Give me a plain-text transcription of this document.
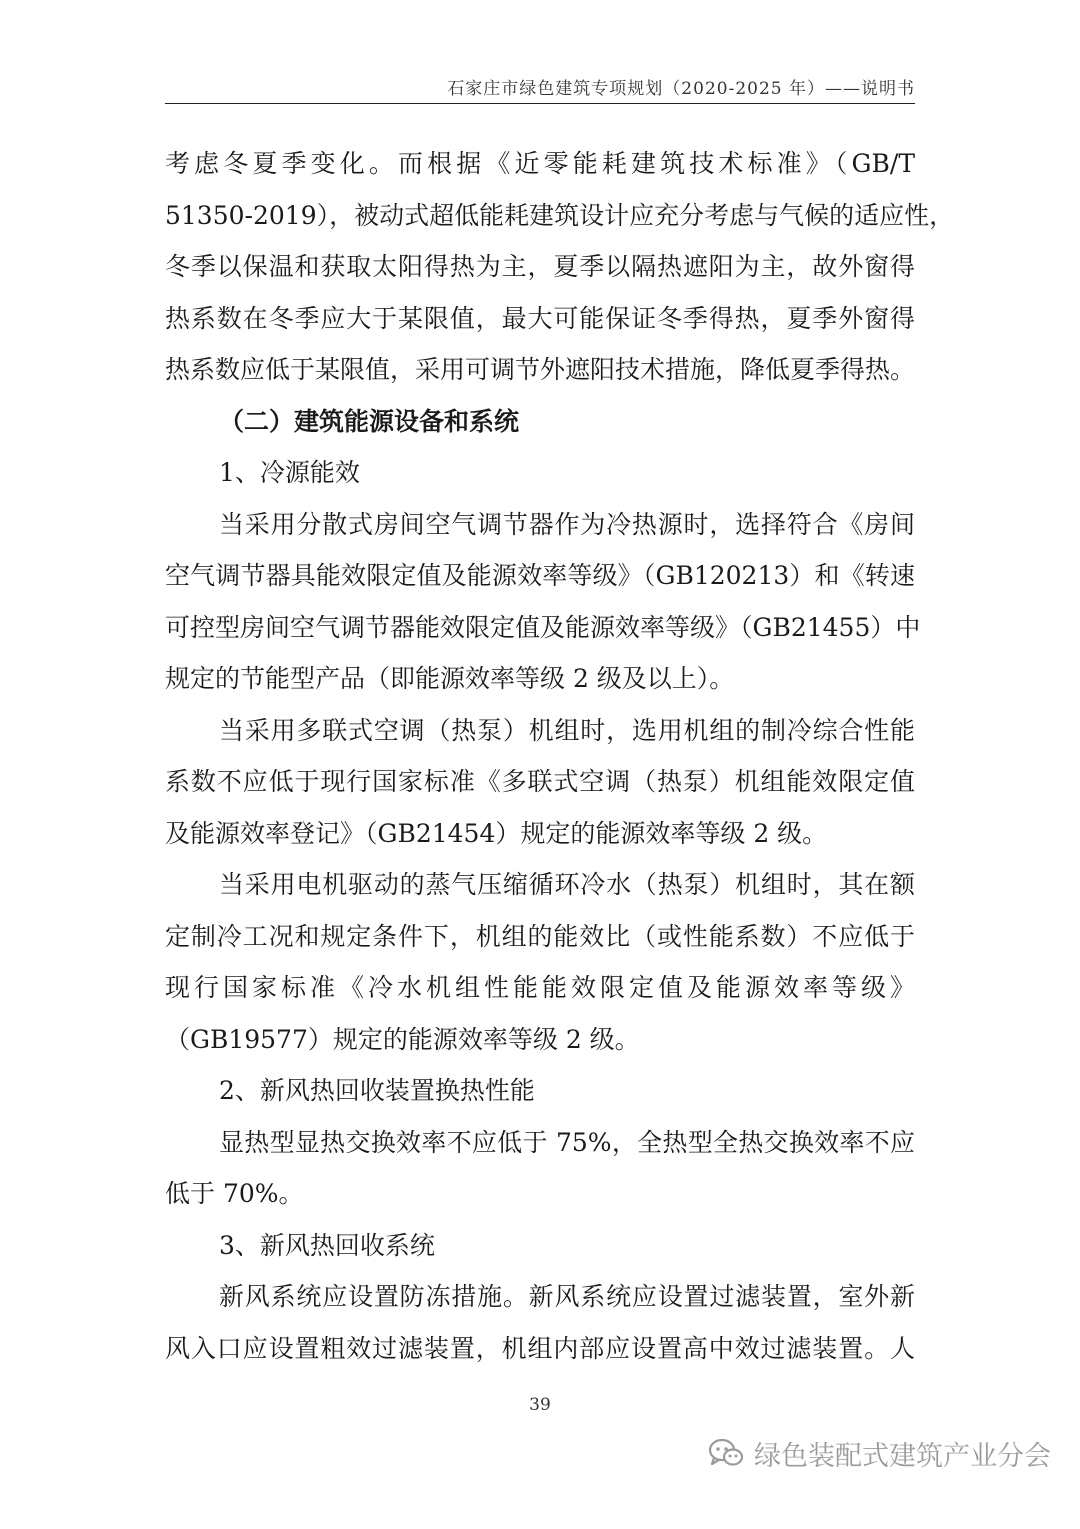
石家庄市绿色建筑专项规划（2020-2025 年）——说明书
考虑冬夏季变化。而根据《近零能耗建筑技术标准》（GB/T
51350-2019），被动式超低能耗建筑设计应充分考虑与气候的适应性，
冬季以保温和获取太阳得热为主，夏季以隔热遮阳为主，故外窗得
热系数在冬季应大于某限值，最大可能保证冬季得热，夏季外窗得
热系数应低于某限值，采用可调节外遮阳技术措施，降低夏季得热。
（二）建筑能源设备和系统
1、冷源能效
当采用分散式房间空气调节器作为冷热源时，选择符合《房间
空气调节器具能效限定值及能源效率等级》（GB120213）和《转速
可控型房间空气调节器能效限定值及能源效率等级》（GB21455）中
规定的节能型产品（即能源效率等级 2 级及以上）。
当采用多联式空调（热泵）机组时，选用机组的制冷综合性能
系数不应低于现行国家标准《多联式空调（热泵）机组能效限定值
及能源效率登记》（GB21454）规定的能源效率等级 2 级。
当采用电机驱动的蒸气压缩循环冷水（热泵）机组时，其在额
定制冷工况和规定条件下，机组的能效比（或性能系数）不应低于
现行国家标准《冷水机组性能能效限定值及能源效率等级》
（GB19577）规定的能源效率等级 2 级。
2、新风热回收装置换热性能
显热型显热交换效率不应低于 75%，全热型全热交换效率不应
低于 70%。
3、新风热回收系统
新风系统应设置防冻措施。新风系统应设置过滤装置，室外新
风入口应设置粗效过滤装置，机组内部应设置高中效过滤装置。人
39
绿色装配式建筑产业分会
